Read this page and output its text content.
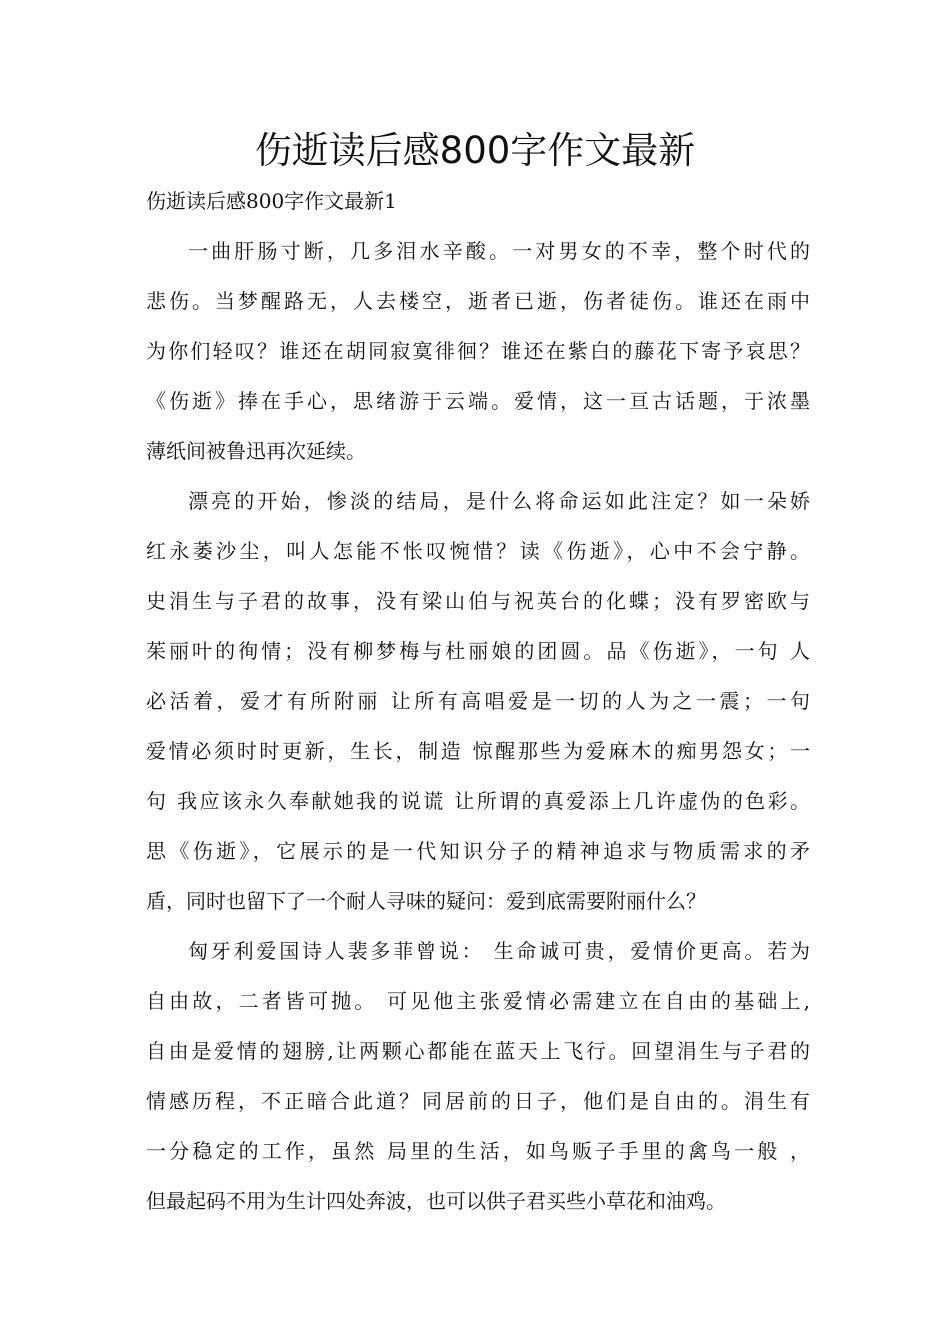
伤逝读后感800字作文最新

伤逝读后感800字作文最新1

一曲肝肠寸断，几多泪水辛酸。一对男女的不幸，整个时代的

悲伤。当梦醒路无，人去楼空，逝者已逝，伤者徒伤。谁还在雨中

为你们轻叹？谁还在胡同寂寞徘徊？谁还在紫白的藤花下寄予哀思？

《伤逝》捧在手心，思绪游于云端。爱情，这一亘古话题，于浓墨

薄纸间被鲁迅再次延续。

漂亮的开始，惨淡的结局，是什么将命运如此注定？如一朵娇

红永萎沙尘，叫人怎能不怅叹惋惜？读《伤逝》，心中不会宁静。

史涓生与子君的故事，没有梁山伯与祝英台的化蝶；没有罗密欧与

茱丽叶的徇情；没有柳梦梅与杜丽娘的团圆。品《伤逝》，一句 人

必活着，爱才有所附丽 让所有高唱爱是一切的人为之一震；一句

爱情必须时时更新，生长，制造 惊醒那些为爱麻木的痴男怨女；一

句 我应该永久奉献她我的说谎 让所谓的真爱添上几许虚伪的色彩。

思《伤逝》，它展示的是一代知识分子的精神追求与物质需求的矛

盾，同时也留下了一个耐人寻味的疑问：爱到底需要附丽什么？

匈牙利爱国诗人裴多菲曾说： 生命诚可贵，爱情价更高。若为

自由故，二者皆可抛。 可见他主张爱情必需建立在自由的基础上,

自由是爱情的翅膀,让两颗心都能在蓝天上飞行。回望涓生与子君的

情感历程，不正暗合此道？同居前的日子，他们是自由的。涓生有

一分稳定的工作，虽然 局里的生活，如鸟贩子手里的禽鸟一般 ，

但最起码不用为生计四处奔波，也可以供子君买些小草花和油鸡。
